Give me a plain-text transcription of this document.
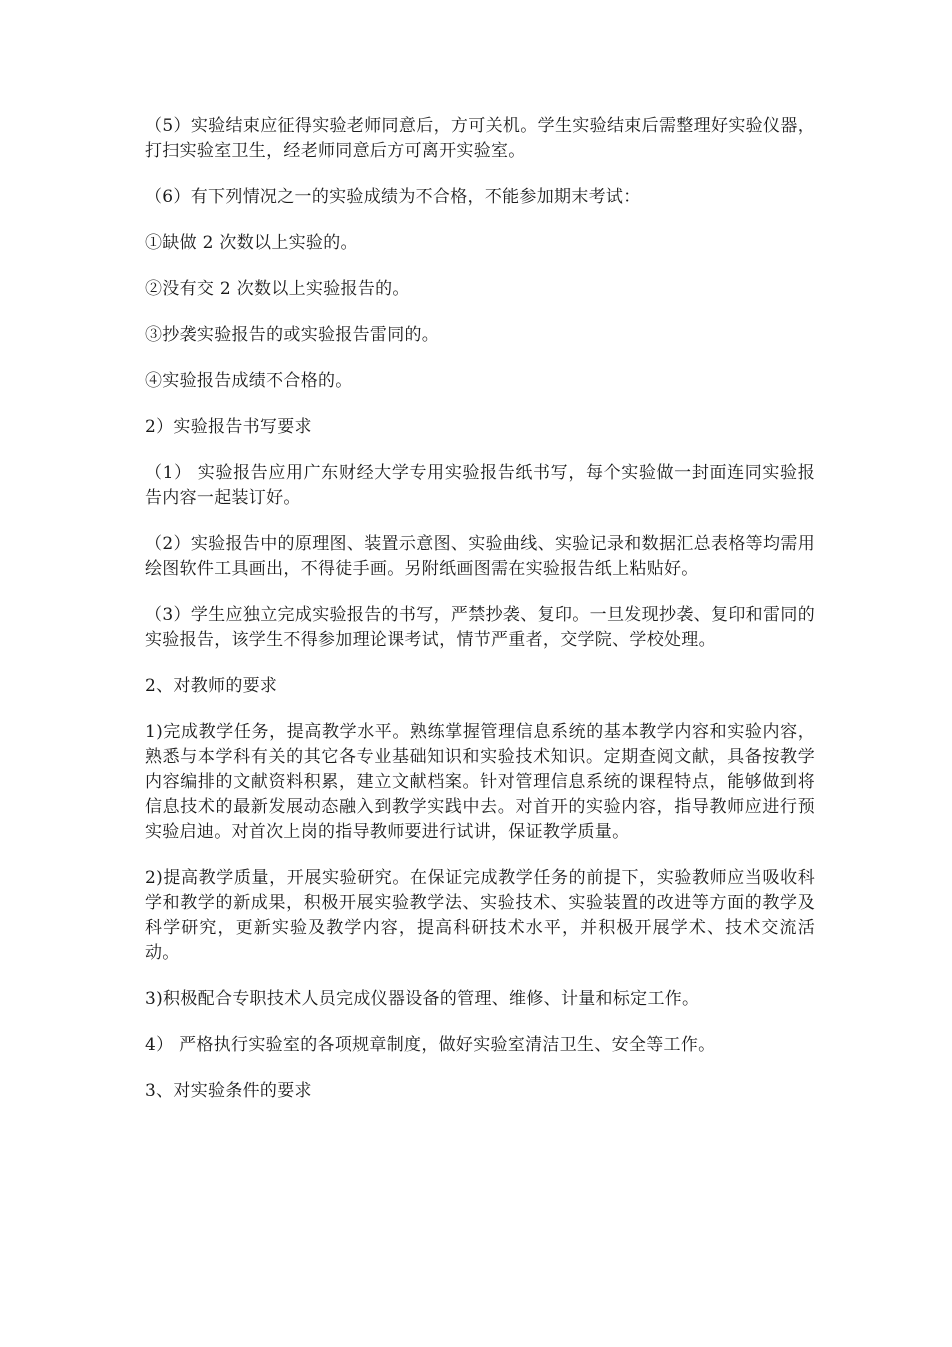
（5）实验结束应征得实验老师同意后，方可关机。学生实验结束后需整理好实验仪器，打扫实验室卫生，经老师同意后方可离开实验室。

（6）有下列情况之一的实验成绩为不合格，不能参加期末考试：

①缺做 2 次数以上实验的。

②没有交 2 次数以上实验报告的。

③抄袭实验报告的或实验报告雷同的。

④实验报告成绩不合格的。

2）实验报告书写要求

（1） 实验报告应用广东财经大学专用实验报告纸书写，每个实验做一封面连同实验报告内容一起装订好。

（2）实验报告中的原理图、装置示意图、实验曲线、实验记录和数据汇总表格等均需用绘图软件工具画出，不得徒手画。另附纸画图需在实验报告纸上粘贴好。

（3）学生应独立完成实验报告的书写，严禁抄袭、复印。一旦发现抄袭、复印和雷同的实验报告，该学生不得参加理论课考试，情节严重者，交学院、学校处理。

2、对教师的要求

1)完成教学任务，提高教学水平。熟练掌握管理信息系统的基本教学内容和实验内容，熟悉与本学科有关的其它各专业基础知识和实验技术知识。定期查阅文献，具备按教学内容编排的文献资料积累，建立文献档案。针对管理信息系统的课程特点，能够做到将信息技术的最新发展动态融入到教学实践中去。对首开的实验内容，指导教师应进行预实验启迪。对首次上岗的指导教师要进行试讲，保证教学质量。

2)提高教学质量，开展实验研究。在保证完成教学任务的前提下，实验教师应当吸收科学和教学的新成果，积极开展实验教学法、实验技术、实验装置的改进等方面的教学及科学研究，更新实验及教学内容，提高科研技术水平，并积极开展学术、技术交流活动。

3)积极配合专职技术人员完成仪器设备的管理、维修、计量和标定工作。

4） 严格执行实验室的各项规章制度，做好实验室清洁卫生、安全等工作。

3、对实验条件的要求
